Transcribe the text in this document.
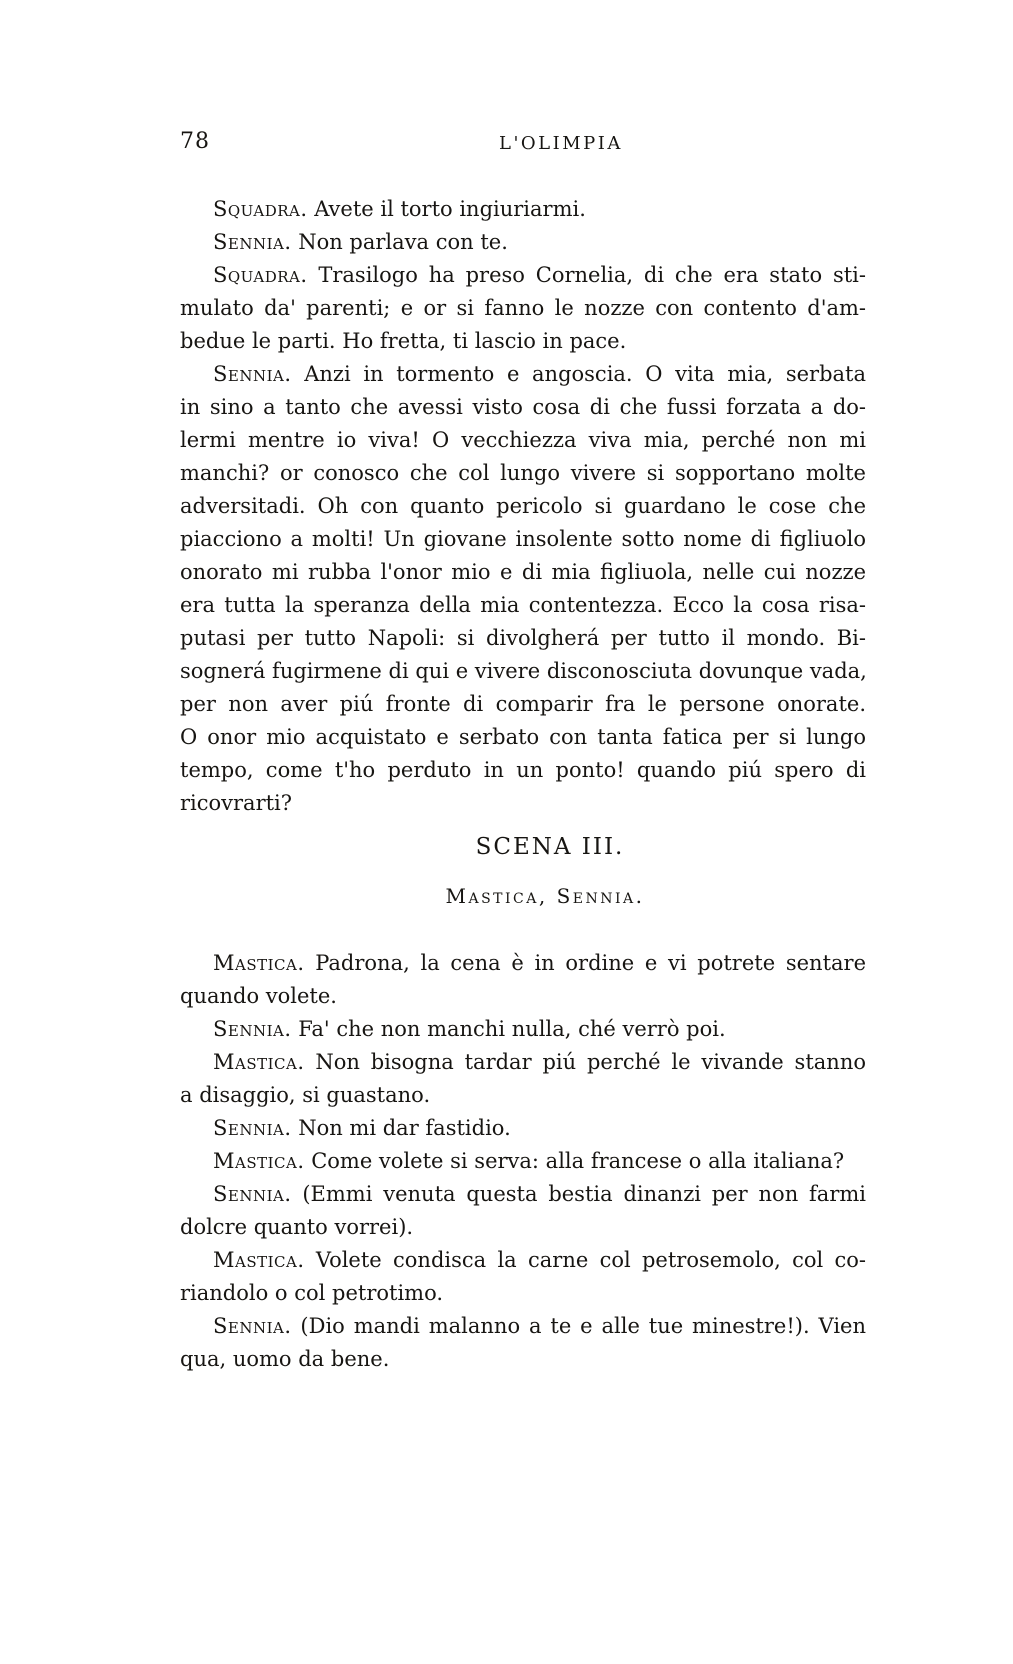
78	L'OLIMPIA
Squadra. Avete il torto ingiuriarmi.
Sennia. Non parlava con te.
Squadra. Trasilogo ha preso Cornelia, di che era stato sti-
mulato da' parenti; e or si fanno le nozze con contento d'am-
bedue le parti. Ho fretta, ti lascio in pace.
Sennia. Anzi in tormento e angoscia. O vita mia, serbata
in sino a tanto che avessi visto cosa di che fussi forzata a do-
lermi mentre io viva! O vecchiezza viva mia, perché non mi
manchi? or conosco che col lungo vivere si sopportano molte
adversitadi. Oh con quanto pericolo si guardano le cose che
piacciono a molti! Un giovane insolente sotto nome di figliuolo
onorato mi rubba l'onor mio e di mia figliuola, nelle cui nozze
era tutta la speranza della mia contentezza. Ecco la cosa risa-
putasi per tutto Napoli: si divolgherá per tutto il mondo. Bi-
sognerá fugirmene di qui e vivere disconosciuta dovunque vada,
per non aver piú fronte di comparir fra le persone onorate.
O onor mio acquistato e serbato con tanta fatica per si lungo
tempo, come t'ho perduto in un ponto! quando piú spero di
ricovrarti?
SCENA III.
Mastica, Sennia.
Mastica. Padrona, la cena è in ordine e vi potrete sentare
quando volete.
Sennia. Fa' che non manchi nulla, ché verrò poi.
Mastica. Non bisogna tardar piú perché le vivande stanno
a disaggio, si guastano.
Sennia. Non mi dar fastidio.
Mastica. Come volete si serva: alla francese o alla italiana?
Sennia. (Emmi venuta questa bestia dinanzi per non farmi
dolcre quanto vorrei).
Mastica. Volete condisca la carne col petrosemolo, col co-
riandolo o col petrotimo.
Sennia. (Dio mandi malanno a te e alle tue minestre!). Vien
qua, uomo da bene.
